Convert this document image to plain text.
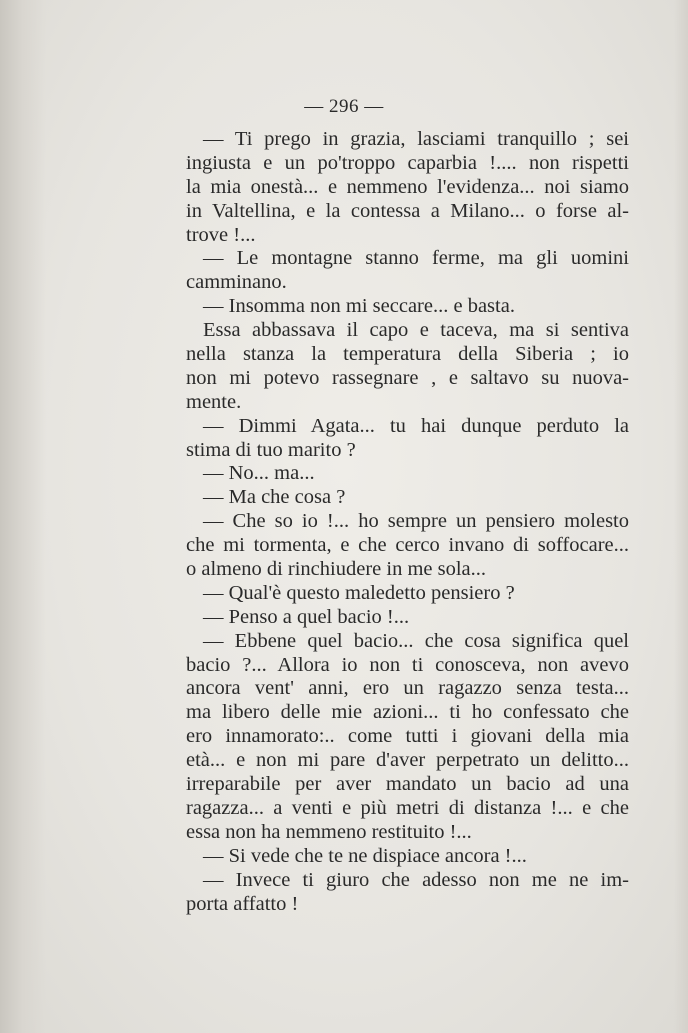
— 296 —
— Ti prego in grazia, lasciami tranquillo ; sei
ingiusta e un po'troppo caparbia !.... non rispetti
la mia onestà... e nemmeno l'evidenza... noi siamo
in Valtellina, e la contessa a Milano... o forse al-
trove !...
— Le montagne stanno ferme, ma gli uomini
camminano.
— Insomma non mi seccare... e basta.
Essa abbassava il capo e taceva, ma si sentiva
nella stanza la temperatura della Siberia ; io
non mi potevo rassegnare , e saltavo su nuova-
mente.
— Dimmi Agata... tu hai dunque perduto la
stima di tuo marito ?
— No... ma...
— Ma che cosa ?
— Che so io !... ho sempre un pensiero molesto
che mi tormenta, e che cerco invano di soffocare...
o almeno di rinchiudere in me sola...
— Qual'è questo maledetto pensiero ?
— Penso a quel bacio !...
— Ebbene quel bacio... che cosa significa quel
bacio ?... Allora io non ti conosceva, non avevo
ancora vent' anni, ero un ragazzo senza testa...
ma libero delle mie azioni... ti ho confessato che
ero innamorato:.. come tutti i giovani della mia
età... e non mi pare d'aver perpetrato un delitto...
irreparabile per aver mandato un bacio ad una
ragazza... a venti e più metri di distanza !... e che
essa non ha nemmeno restituito !...
— Si vede che te ne dispiace ancora !...
— Invece ti giuro che adesso non me ne im-
porta affatto !
